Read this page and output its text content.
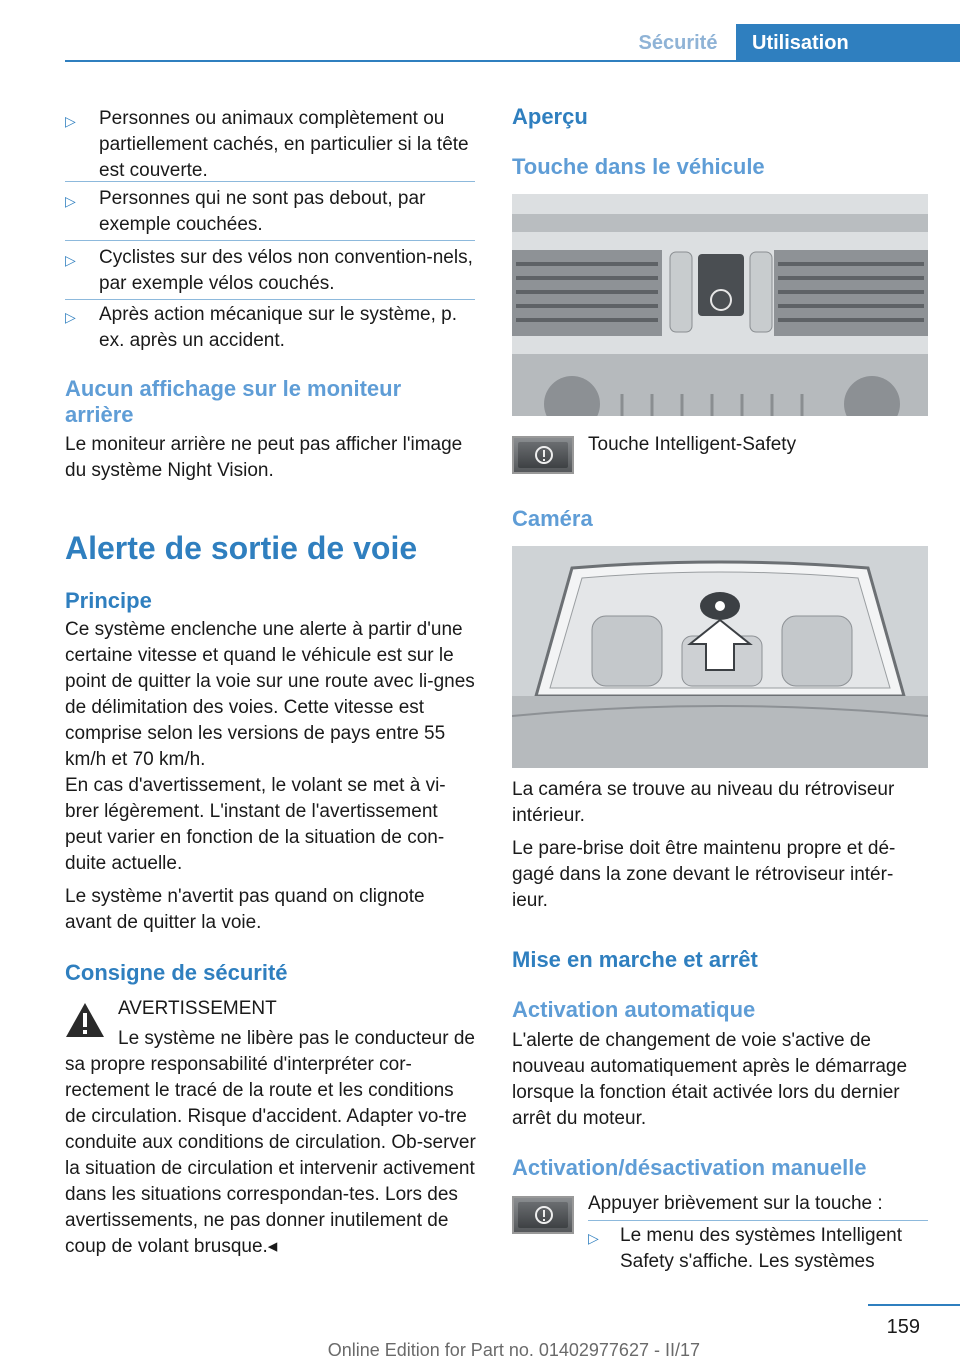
Sécurité	Utilisation
▷ Personnes ou animaux complètement ou partiellement cachés, en particulier si la tête est couverte.
▷ Personnes qui ne sont pas debout, par exemple couchées.
▷ Cyclistes sur des vélos non convention-nels, par exemple vélos couchés.
▷ Après action mécanique sur le système, p. ex. après un accident.
Aucun affichage sur le moniteur arrière
Le moniteur arrière ne peut pas afficher l'image du système Night Vision.
Alerte de sortie de voie
Principe
Ce système enclenche une alerte à partir d'une certaine vitesse et quand le véhicule est sur le point de quitter la voie sur une route avec li-gnes de délimitation des voies. Cette vitesse est comprise selon les versions de pays entre 55 km/h et 70 km/h.
En cas d'avertissement, le volant se met à vi-brer légèrement. L'instant de l'avertissement peut varier en fonction de la situation de con-duite actuelle.
Le système n'avertit pas quand on clignote avant de quitter la voie.
Consigne de sécurité
AVERTISSEMENT
Le système ne libère pas le conducteur de sa propre responsabilité d'interpréter cor-rectement le tracé de la route et les conditions de circulation. Risque d'accident. Adapter vo-tre conduite aux conditions de circulation. Ob-server la situation de circulation et intervenir activement dans les situations correspondan-tes. Lors des avertissements, ne pas donner inutilement de coup de volant brusque.◂
Aperçu
Touche dans le véhicule
Touche Intelligent-Safety
Caméra
La caméra se trouve au niveau du rétroviseur intérieur.
Le pare-brise doit être maintenu propre et dé-gagé dans la zone devant le rétroviseur intér-ieur.
Mise en marche et arrêt
Activation automatique
L'alerte de changement de voie s'active de nouveau automatiquement après le démarrage lorsque la fonction était activée lors du dernier arrêt du moteur.
Activation/désactivation manuelle
Appuyer brièvement sur la touche :
▷ Le menu des systèmes Intelligent Safety s'affiche. Les systèmes
159
Online Edition for Part no. 01402977627 - II/17
